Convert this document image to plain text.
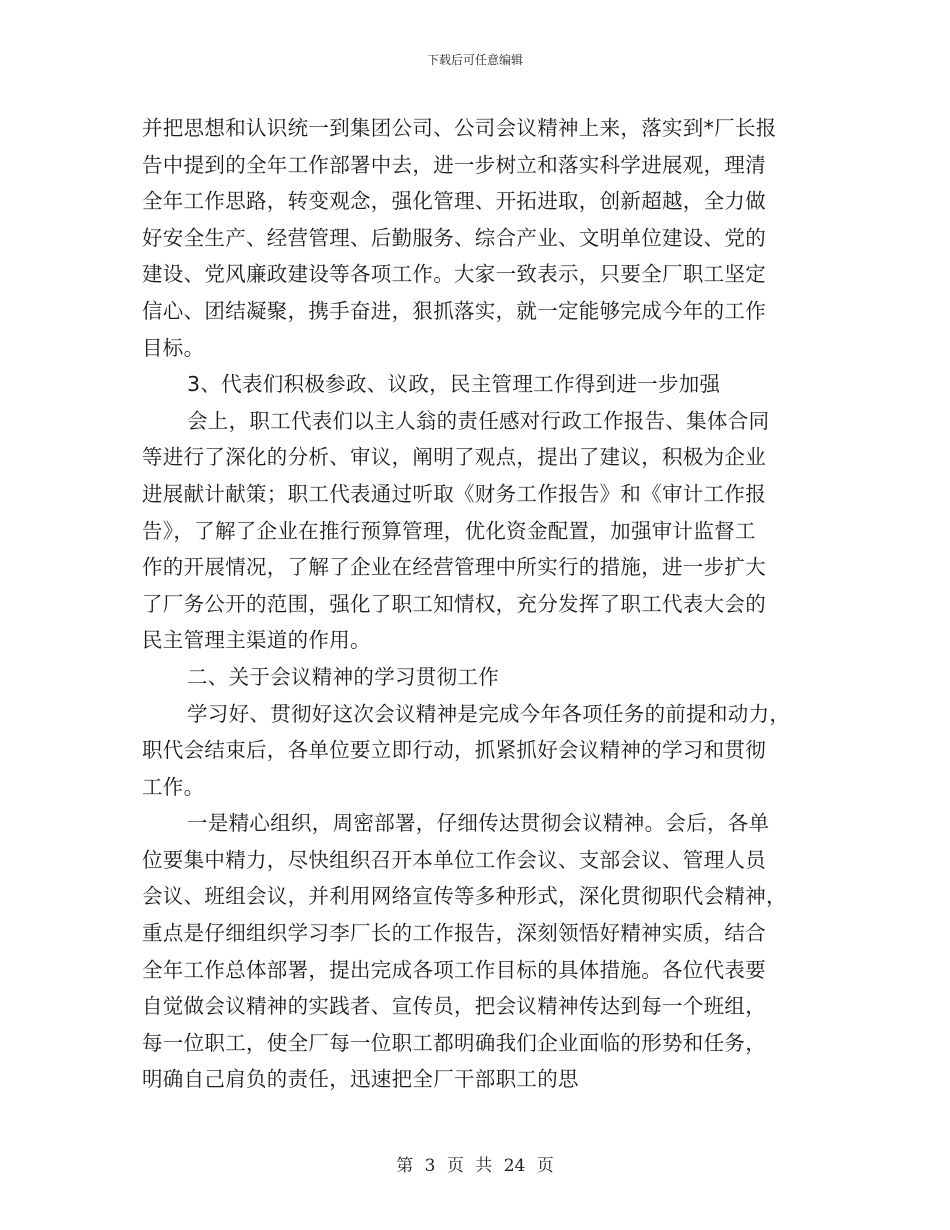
下载后可任意编辑
并把思想和认识统一到集团公司、公司会议精神上来，落实到*厂长报
告中提到的全年工作部署中去，进一步树立和落实科学进展观，理清
全年工作思路，转变观念，强化管理、开拓进取，创新超越，全力做
好安全生产、经营管理、后勤服务、综合产业、文明单位建设、党的
建设、党风廉政建设等各项工作。大家一致表示，只要全厂职工坚定
信心、团结凝聚，携手奋进，狠抓落实，就一定能够完成今年的工作
目标。
3、代表们积极参政、议政，民主管理工作得到进一步加强
会上，职工代表们以主人翁的责任感对行政工作报告、集体合同
等进行了深化的分析、审议，阐明了观点，提出了建议，积极为企业
进展献计献策；职工代表通过听取《财务工作报告》和《审计工作报
告》，了解了企业在推行预算管理，优化资金配置，加强审计监督工
作的开展情况，了解了企业在经营管理中所实行的措施，进一步扩大
了厂务公开的范围，强化了职工知情权，充分发挥了职工代表大会的
民主管理主渠道的作用。
二、关于会议精神的学习贯彻工作
学习好、贯彻好这次会议精神是完成今年各项任务的前提和动力，
职代会结束后，各单位要立即行动，抓紧抓好会议精神的学习和贯彻
工作。
一是精心组织，周密部署，仔细传达贯彻会议精神。会后，各单
位要集中精力，尽快组织召开本单位工作会议、支部会议、管理人员
会议、班组会议，并利用网络宣传等多种形式，深化贯彻职代会精神，
重点是仔细组织学习李厂长的工作报告，深刻领悟好精神实质，结合
全年工作总体部署，提出完成各项工作目标的具体措施。各位代表要
自觉做会议精神的实践者、宣传员，把会议精神传达到每一个班组，
每一位职工，使全厂每一位职工都明确我们企业面临的形势和任务，
明确自己肩负的责任，迅速把全厂干部职工的思
第 3 页 共 24 页
